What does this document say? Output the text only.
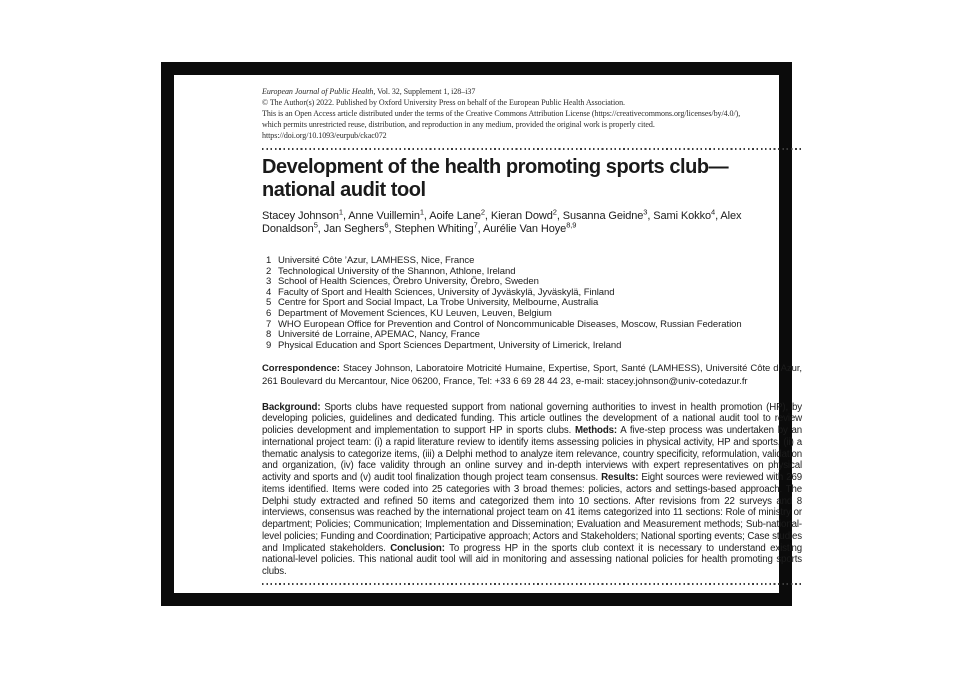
European Journal of Public Health, Vol. 32, Supplement 1, i28–i37
© The Author(s) 2022. Published by Oxford University Press on behalf of the European Public Health Association.
This is an Open Access article distributed under the terms of the Creative Commons Attribution License (https://creativecommons.org/licenses/by/4.0/),
which permits unrestricted reuse, distribution, and reproduction in any medium, provided the original work is properly cited.
https://doi.org/10.1093/eurpub/ckac072
Development of the health promoting sports club—
national audit tool
Stacey Johnson$^1$, Anne Vuillemin$^1$, Aoife Lane$^2$, Kieran Dowd$^2$, Susanna Geidne$^3$, Sami Kokko$^4$, Alex Donaldson$^5$, Jan Seghers$^6$, Stephen Whiting$^7$, Aurélie Van Hoye$^{8,9}$
1 Université Côte ’Azur, LAMHESS, Nice, France
2 Technological University of the Shannon, Athlone, Ireland
3 School of Health Sciences, Örebro University, Örebro, Sweden
4 Faculty of Sport and Health Sciences, University of Jyväskylä, Jyväskylä, Finland
5 Centre for Sport and Social Impact, La Trobe University, Melbourne, Australia
6 Department of Movement Sciences, KU Leuven, Leuven, Belgium
7 WHO European Office for Prevention and Control of Noncommunicable Diseases, Moscow, Russian Federation
8 Université de Lorraine, APEMAC, Nancy, France
9 Physical Education and Sport Sciences Department, University of Limerick, Ireland
Correspondence: Stacey Johnson, Laboratoire Motricité Humaine, Expertise, Sport, Santé (LAMHESS), Université Côte d’Azur, 261 Boulevard du Mercantour, Nice 06200, France, Tel: +33 6 69 28 44 23, e-mail: stacey.johnson@univ-cotedazur.fr
Background: Sports clubs have requested support from national governing authorities to invest in health promotion (HP), by developing policies, guidelines and dedicated funding. This article outlines the development of a national audit tool to review policies development and implementation to support HP in sports clubs. Methods: A five-step process was undertaken by an international project team: (i) a rapid literature review to identify items assessing policies in physical activity, HP and sports, (ii) a thematic analysis to categorize items, (iii) a Delphi method to analyze item relevance, country specificity, reformulation, validation and organization, (iv) face validity through an online survey and in-depth interviews with expert representatives on physical activity and sports and (v) audit tool finalization though project team consensus. Results: Eight sources were reviewed with 269 items identified. Items were coded into 25 categories with 3 broad themes: policies, actors and settings-based approach. The Delphi study extracted and refined 50 items and categorized them into 10 sections. After revisions from 22 surveys and 8 interviews, consensus was reached by the international project team on 41 items categorized into 11 sections: Role of ministry or department; Policies; Communication; Implementation and Dissemination; Evaluation and Measurement methods; Sub-national-level policies; Funding and Coordination; Participative approach; Actors and Stakeholders; National sporting events; Case studies and Implicated stakeholders. Conclusion: To progress HP in the sports club context it is necessary to understand existing national-level policies. This national audit tool will aid in monitoring and assessing national policies for health promoting sports clubs.
